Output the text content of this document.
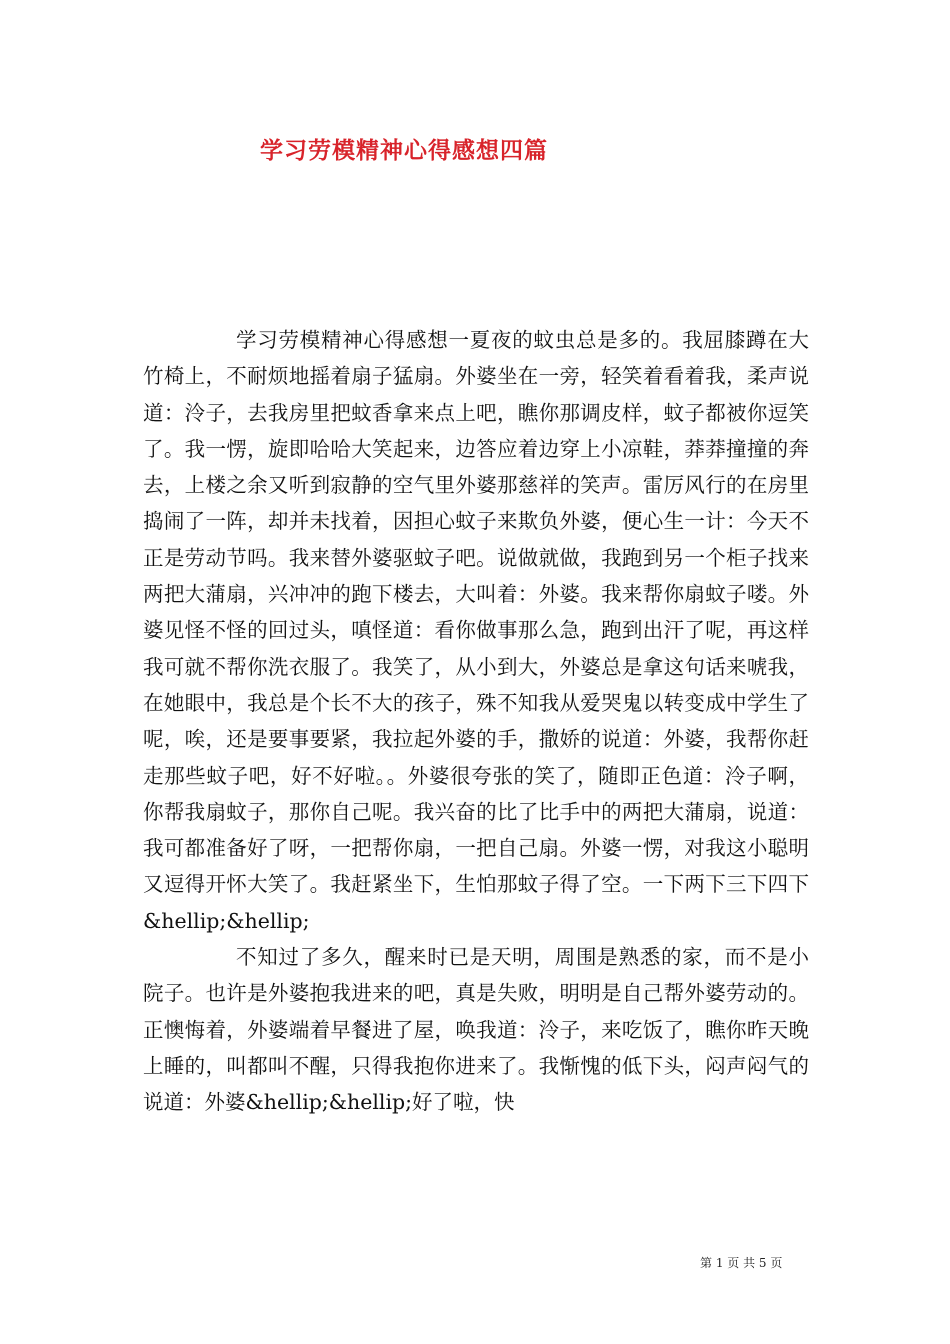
学习劳模精神心得感想四篇

学习劳模精神心得感想一夏夜的蚊虫总是多的。我屈膝蹲在大竹椅上，不耐烦地摇着扇子猛扇。外婆坐在一旁，轻笑着看着我，柔声说道：泠子，去我房里把蚊香拿来点上吧，瞧你那调皮样，蚊子都被你逗笑了。我一愣，旋即哈哈大笑起来，边答应着边穿上小凉鞋，莽莽撞撞的奔去，上楼之余又听到寂静的空气里外婆那慈祥的笑声。雷厉风行的在房里捣闹了一阵，却并未找着，因担心蚊子来欺负外婆，便心生一计：今天不正是劳动节吗。我来替外婆驱蚊子吧。说做就做，我跑到另一个柜子找来两把大蒲扇，兴冲冲的跑下楼去，大叫着：外婆。我来帮你扇蚊子喽。外婆见怪不怪的回过头，嗔怪道：看你做事那么急，跑到出汗了呢，再这样我可就不帮你洗衣服了。我笑了，从小到大，外婆总是拿这句话来唬我，在她眼中，我总是个长不大的孩子，殊不知我从爱哭鬼以转变成中学生了呢，唉，还是要事要紧，我拉起外婆的手，撒娇的说道：外婆，我帮你赶走那些蚊子吧，好不好啦。。外婆很夸张的笑了，随即正色道：泠子啊，你帮我扇蚊子，那你自己呢。我兴奋的比了比手中的两把大蒲扇，说道：我可都准备好了呀，一把帮你扇，一把自己扇。外婆一愣，对我这小聪明又逗得开怀大笑了。我赶紧坐下，生怕那蚊子得了空。一下两下三下四下&hellip;&hellip;

不知过了多久，醒来时已是天明，周围是熟悉的家，而不是小院子。也许是外婆抱我进来的吧，真是失败，明明是自己帮外婆劳动的。正懊悔着，外婆端着早餐进了屋，唤我道：泠子，来吃饭了，瞧你昨天晚上睡的，叫都叫不醒，只得我抱你进来了。我惭愧的低下头，闷声闷气的说道：外婆&hellip;&hellip;好了啦，快

第 1 页 共 5 页
